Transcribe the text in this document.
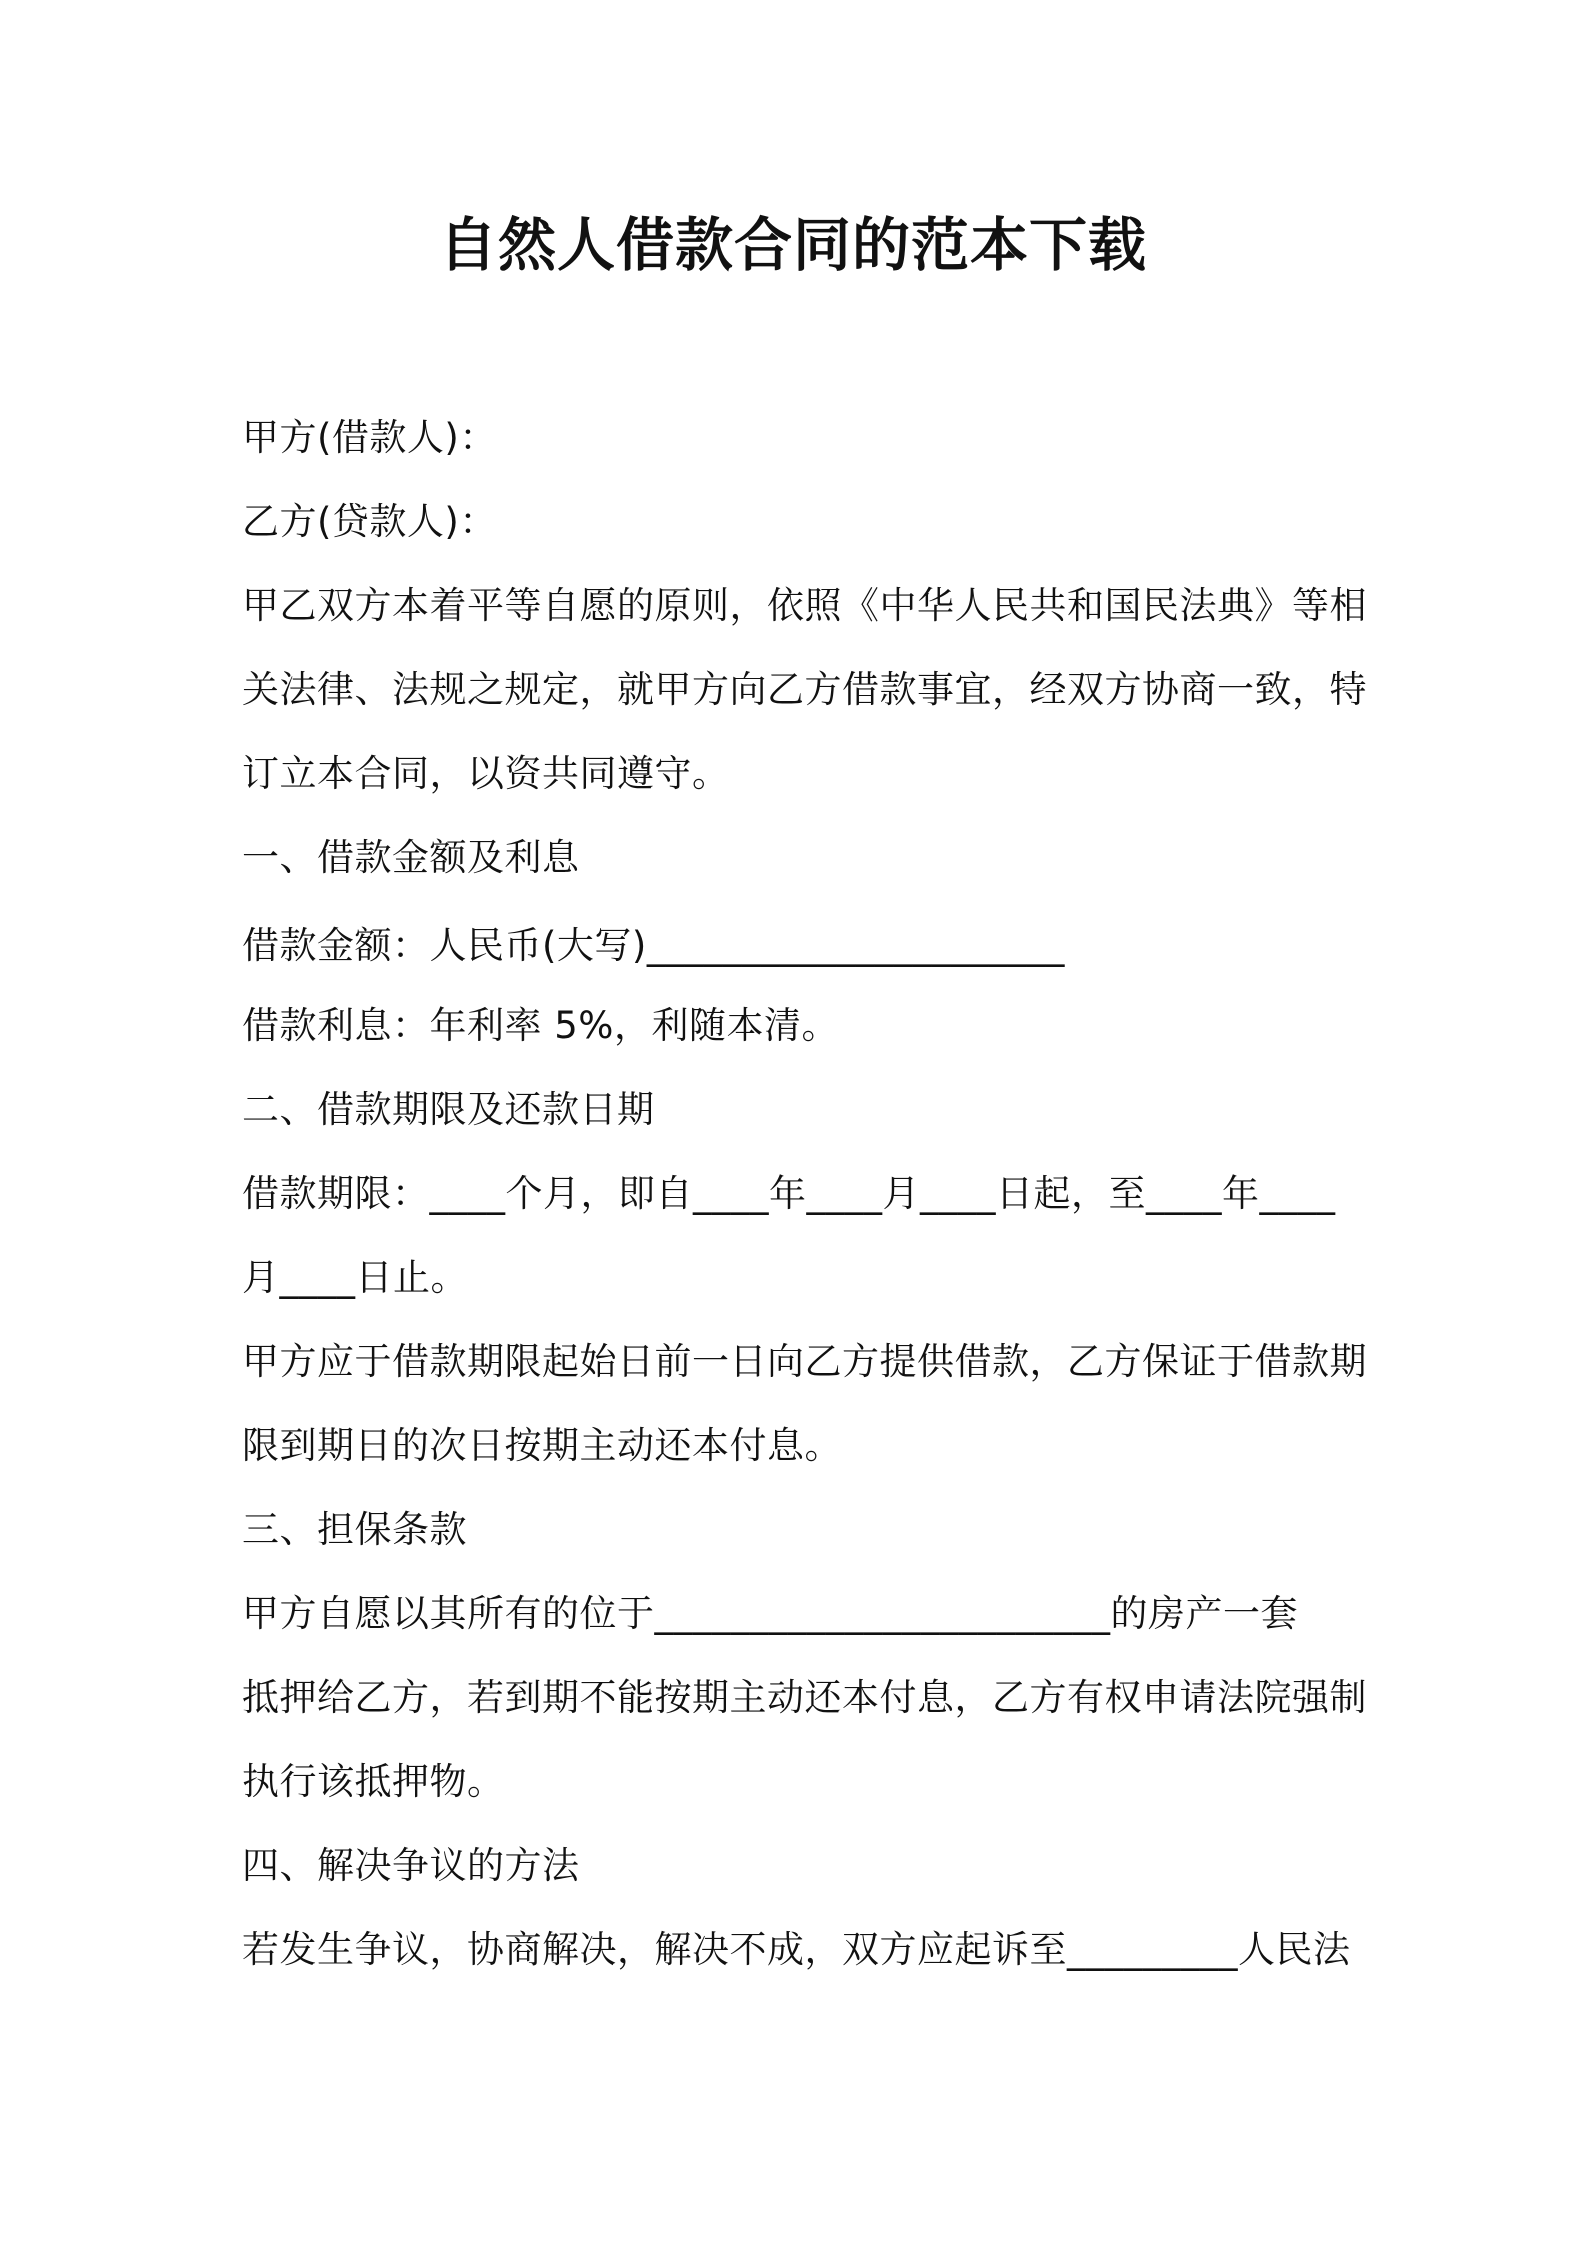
自然人借款合同的范本下载
甲方(借款人)：
乙方(贷款人)：
甲乙双方本着平等自愿的原则，依照《中华人民共和国民法典》等相
关法律、法规之规定，就甲方向乙方借款事宜，经双方协商一致，特
订立本合同，以资共同遵守。
一、借款金额及利息
借款金额：人民币(大写)______________________
借款利息：年利率 5%，利随本清。
二、借款期限及还款日期
借款期限：____个月，即自____年____月____日起，至____年____
月____日止。
甲方应于借款期限起始日前一日向乙方提供借款，乙方保证于借款期
限到期日的次日按期主动还本付息。
三、担保条款
甲方自愿以其所有的位于________________________的房产一套
抵押给乙方，若到期不能按期主动还本付息，乙方有权申请法院强制
执行该抵押物。
四、解决争议的方法
若发生争议，协商解决，解决不成，双方应起诉至_________人民法
